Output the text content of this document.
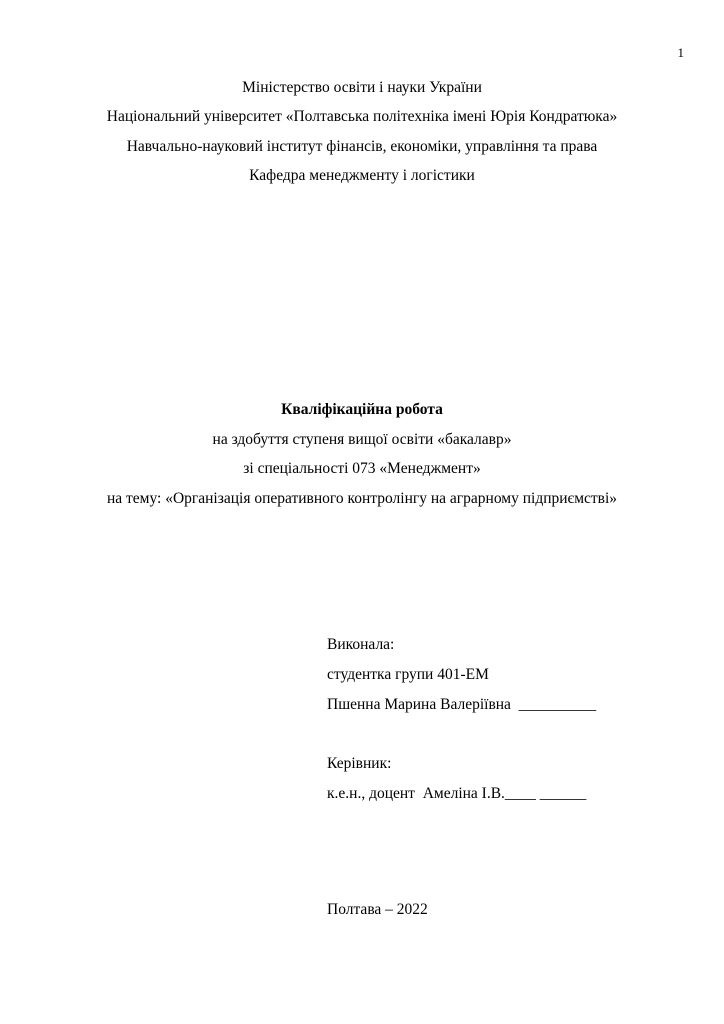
1
Міністерство освіти і науки України
Національний університет «Полтавська політехніка імені Юрія Кондратюка»
Навчально-науковий інститут фінансів, економіки, управління та права
Кафедра менеджменту і логістики
Кваліфікаційна робота
на здобуття ступеня вищої освіти «бакалавр»
зі спеціальності 073 «Менеджмент»
на тему: «Організація оперативного контролінгу на аграрному підприємстві»
Виконала:
студентка групи 401-ЕМ
Пшенна Марина Валеріївна  __________
Керівник:
к.е.н., доцент  Амеліна І.В.____ ______
Полтава – 2022
